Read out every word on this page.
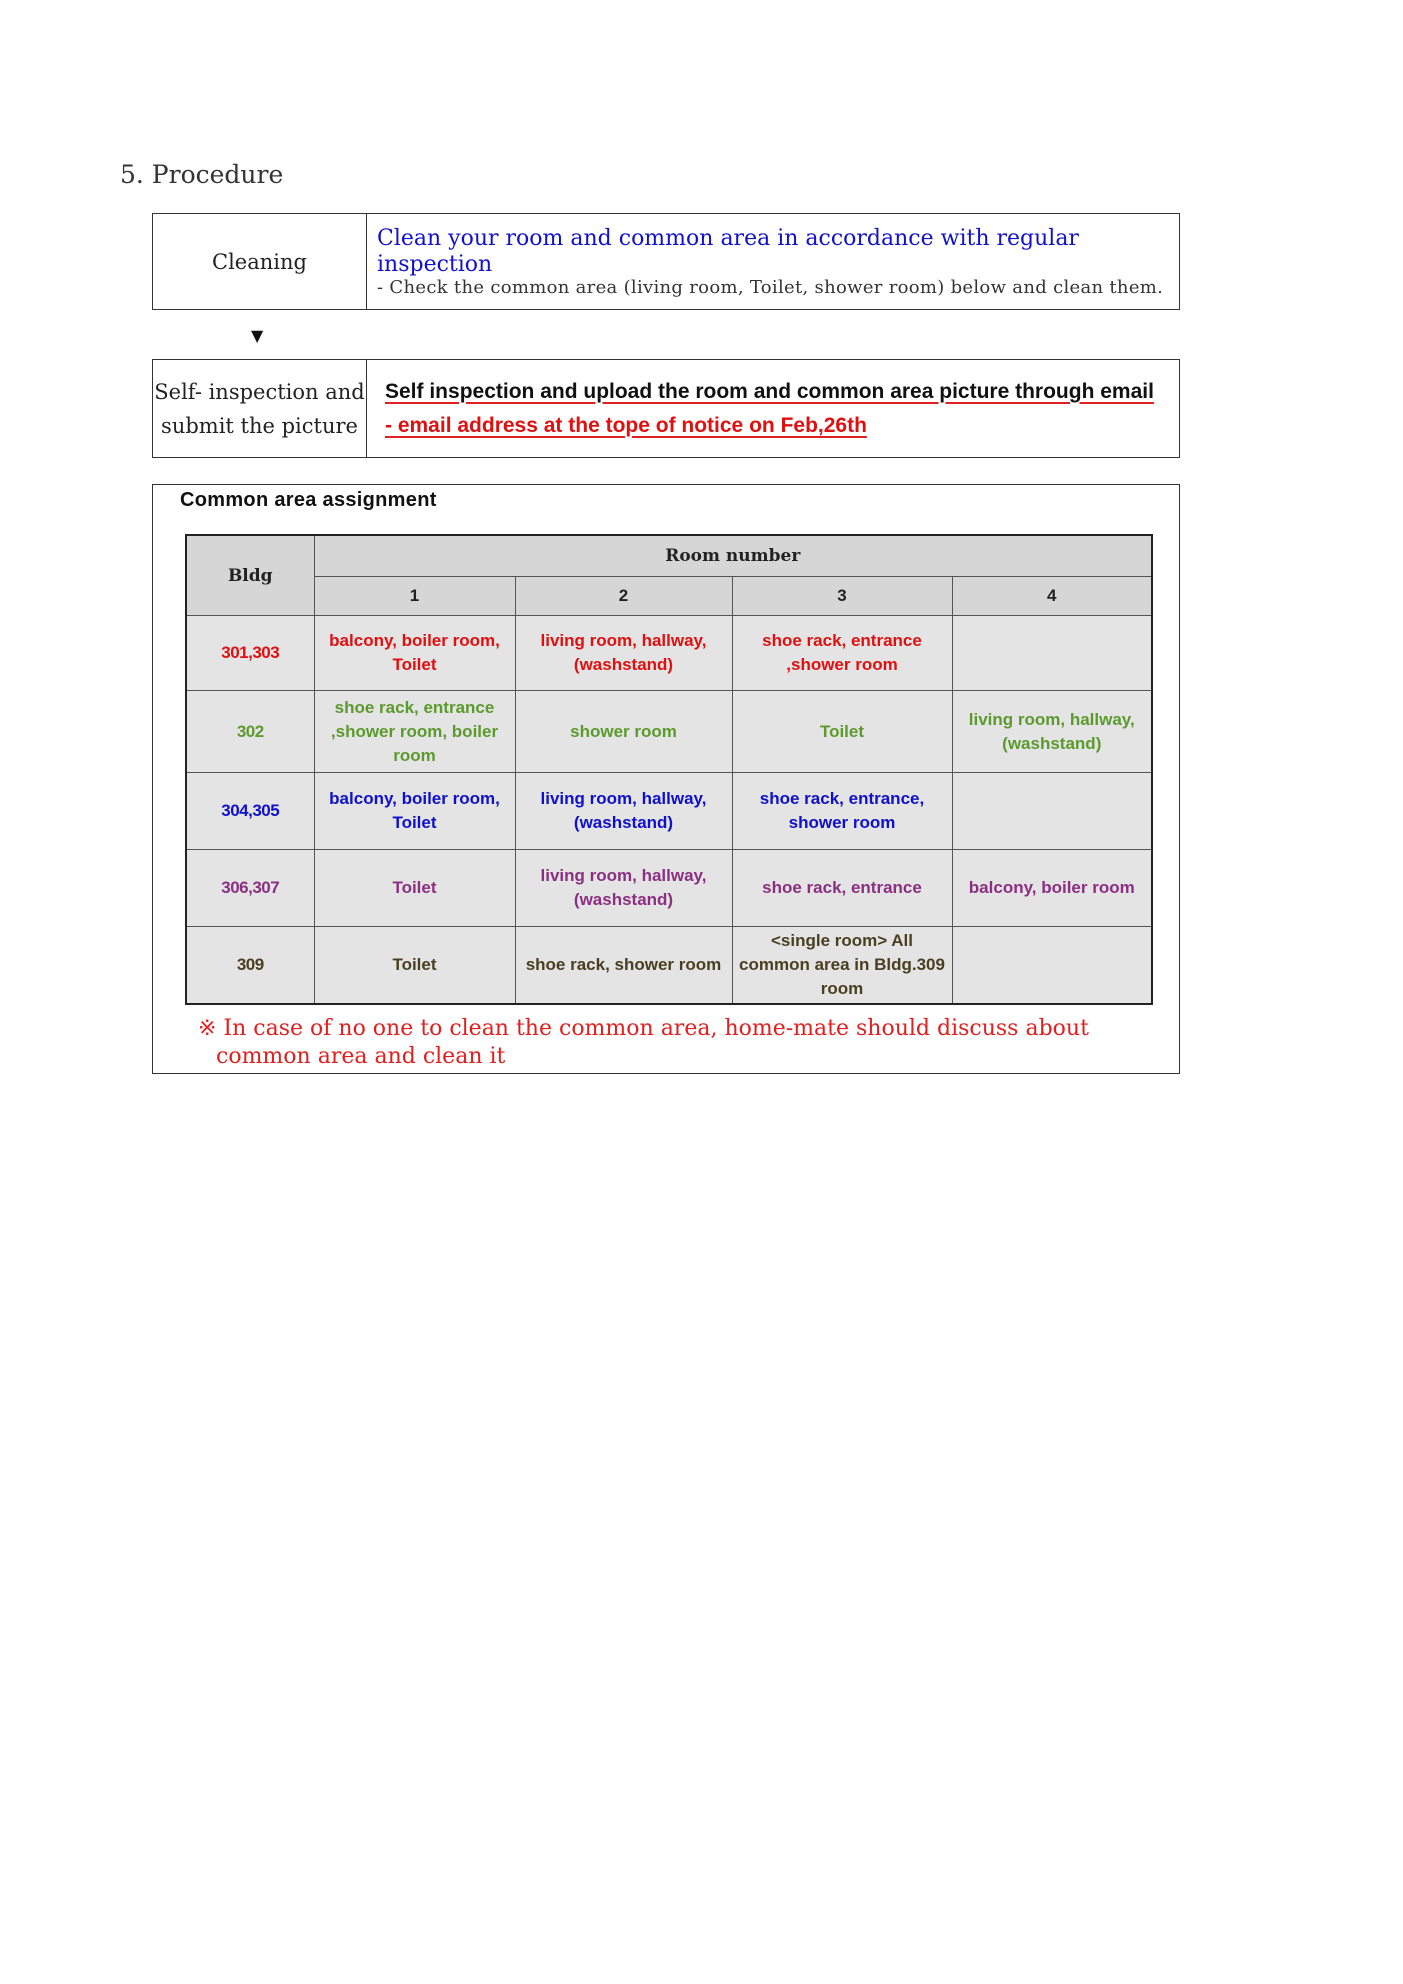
5. Procedure
Cleaning
Clean your room and common area in accordance with regular inspection
- Check the common area (living room, Toilet, shower room) below and clean them.
▼
Self- inspection and
submit the picture
Self inspection and upload the room and common area picture through email
- email address at the tope of notice on Feb,26th
Common area assignment
Bldg	Room number			
	1	2	3	4
301,303	balcony, boiler room, Toilet	living room, hallway,(washstand)	shoe rack, entrance ,shower room	
302	shoe rack, entrance ,shower room, boiler room	shower room	Toilet	living room, hallway,(washstand)
304,305	balcony, boiler room, Toilet	living room, hallway,(washstand)	shoe rack, entrance, shower room	
306,307	Toilet	living room, hallway,(washstand)	shoe rack, entrance	balcony, boiler room
309	Toilet	shoe rack, shower room	<single room> All common area in Bldg.309 room	
※ In case of no one to clean the common area, home-mate should discuss about
common area and clean it
